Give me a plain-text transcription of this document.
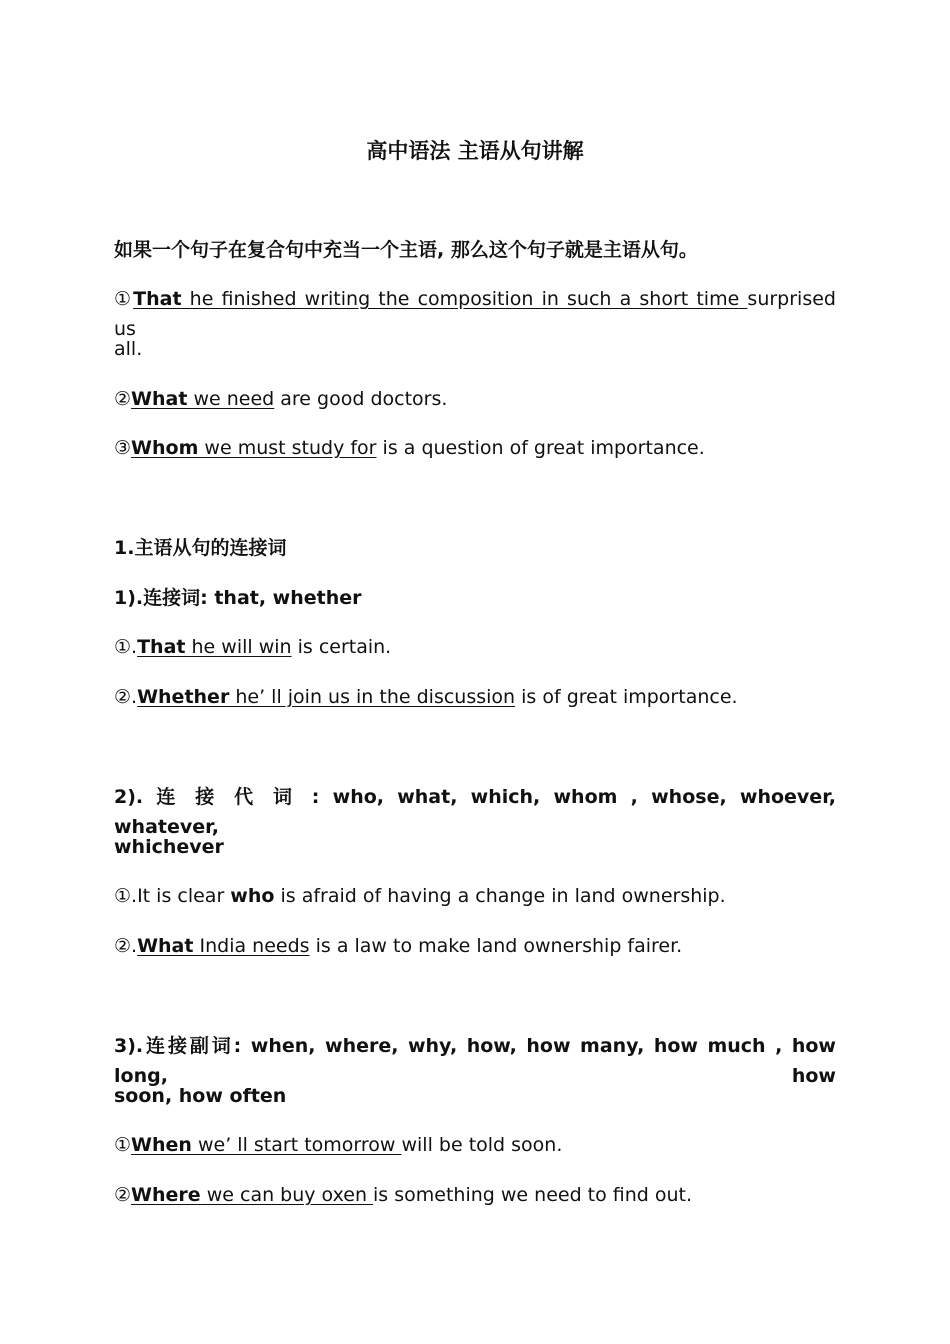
高中语法 主语从句讲解
如果一个句子在复合句中充当一个主语, 那么这个句子就是主语从句。
①That he finished writing the composition in such a short time surprised us
all.
②What we need are good doctors.
③Whom we must study for is a question of great importance.
1.主语从句的连接词
1).连接词: that, whether
①.That he will win is certain.
②.Whether he’ ll join us in the discussion is of great importance.
2). 连 接 代 词 : who, what, which, whom , whose, whoever, whatever,
whichever
①.It is clear who is afraid of having a change in land ownership.
②.What India needs is a law to make land ownership fairer.
3).连接副词: when, where, why, how, how many, how much , how long, how
soon, how often
①When we’ ll start tomorrow will be told soon.
②Where we can buy oxen is something we need to find out.
